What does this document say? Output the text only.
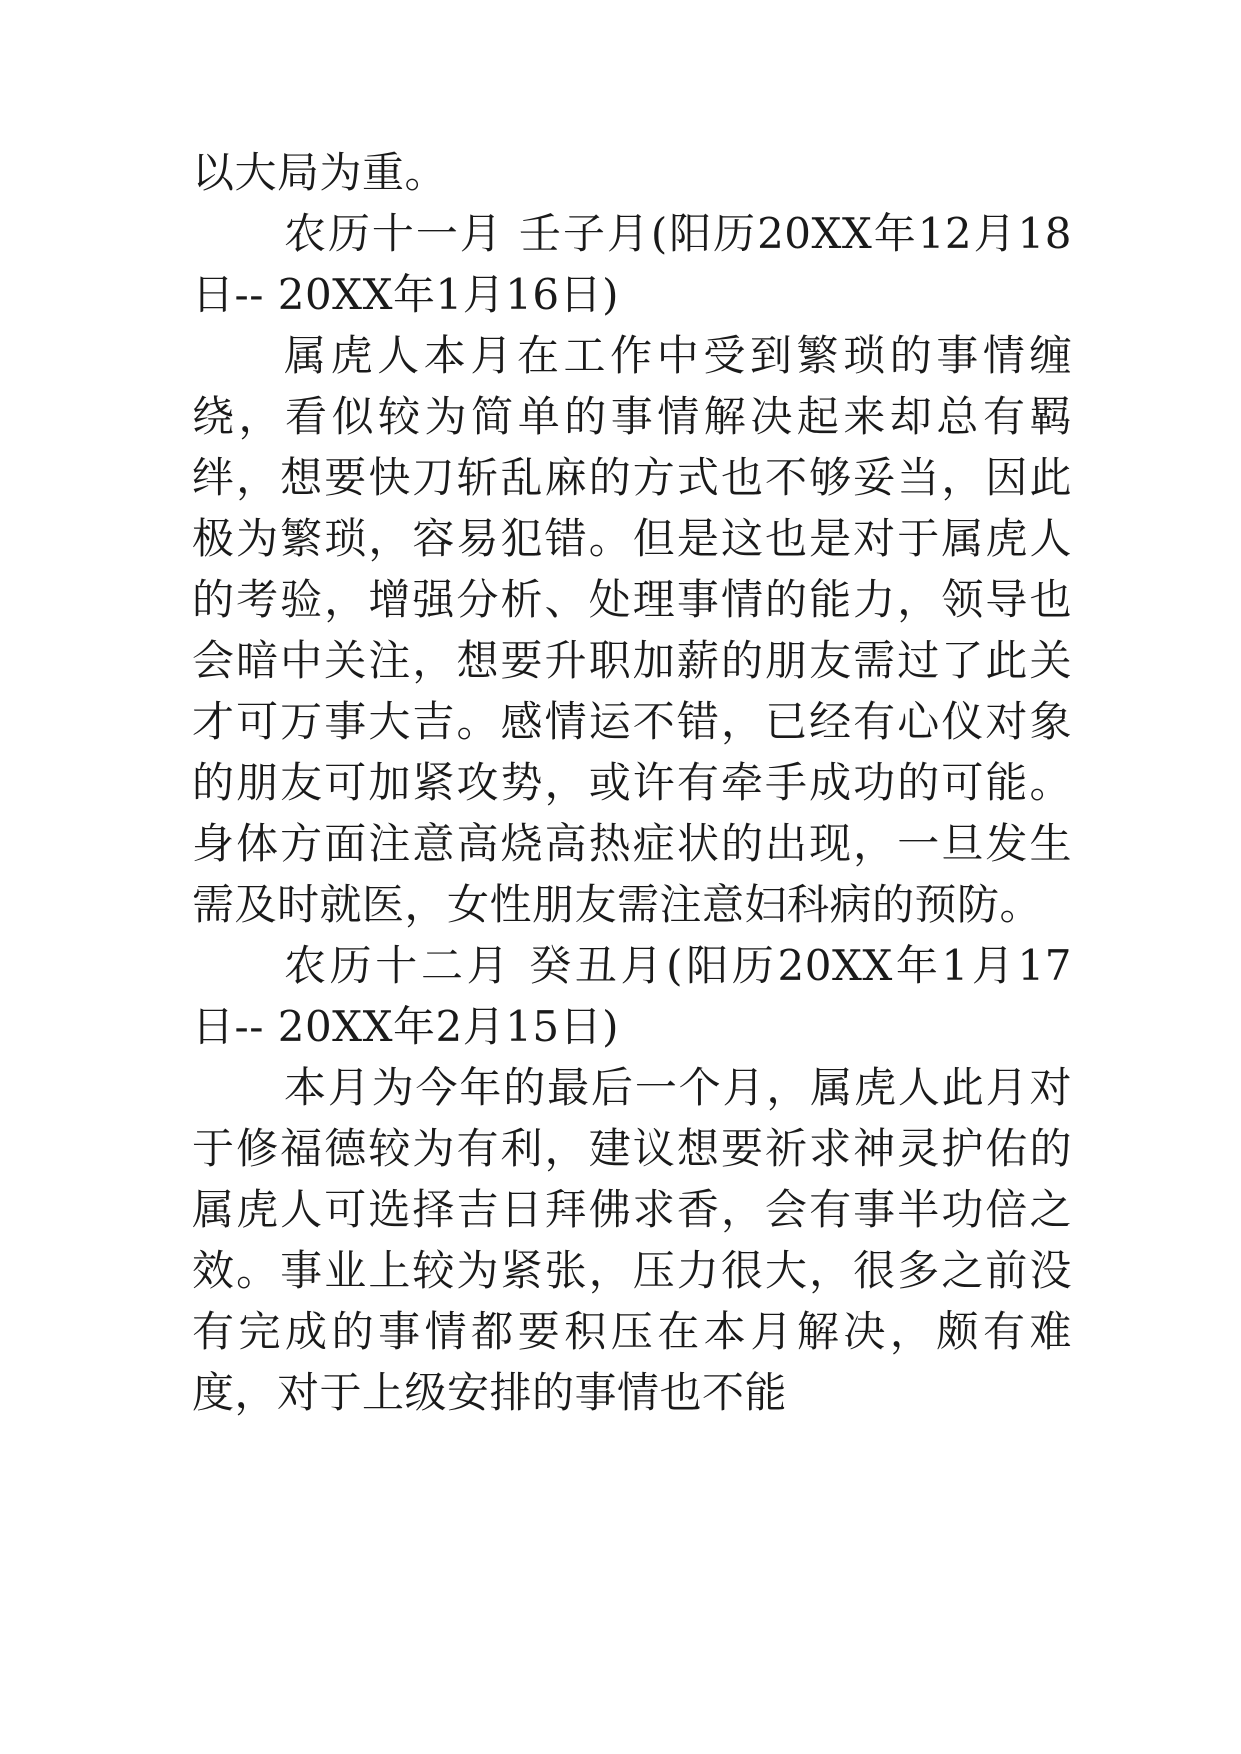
以大局为重。

农历十一月 壬子月(阳历20XX年12月18日-- 20XX年1月16日)

属虎人本月在工作中受到繁琐的事情缠绕，看似较为简单的事情解决起来却总有羁绊，想要快刀斩乱麻的方式也不够妥当，因此极为繁琐，容易犯错。但是这也是对于属虎人的考验，增强分析、处理事情的能力，领导也会暗中关注，想要升职加薪的朋友需过了此关才可万事大吉。感情运不错，已经有心仪对象的朋友可加紧攻势，或许有牵手成功的可能。身体方面注意高烧高热症状的出现，一旦发生需及时就医，女性朋友需注意妇科病的预防。

农历十二月 癸丑月(阳历20XX年1月17日-- 20XX年2月15日)

本月为今年的最后一个月，属虎人此月对于修福德较为有利，建议想要祈求神灵护佑的属虎人可选择吉日拜佛求香，会有事半功倍之效。事业上较为紧张，压力很大，很多之前没有完成的事情都要积压在本月解决，颇有难度，对于上级安排的事情也不能
